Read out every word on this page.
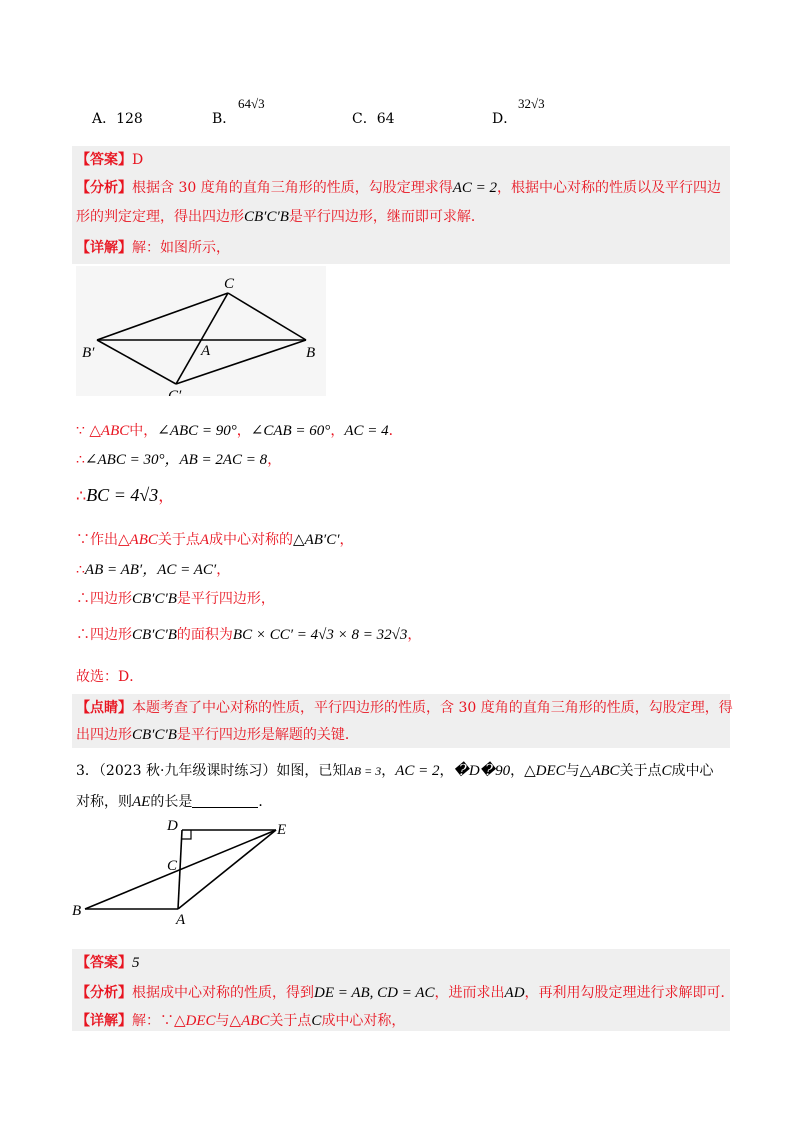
A．128	B．
64√3
C．64	D．
32√3
【答案】D
【分析】根据含 30 度角的直角三角形的性质，勾股定理求得AC = 2，根据中心对称的性质以及平行四边
形的判定定理，得出四边形CB′C′B是平行四边形，继而即可求解．
【详解】解：如图所示，
C
B′	A	B
C′
∵ △ABC中，∠ABC = 90°，∠CAB = 60°，AC = 4．
∴∠ABC = 30°，AB = 2AC = 8，
∴BC = 4√3，
∵作出△ABC关于点A成中心对称的△AB′C′，
∴AB = AB′，AC = AC′，
∴四边形CB′C′B是平行四边形，
∴四边形CB′C′B的面积为BC × CC′ = 4√3 × 8 = 32√3，
故选：D．
【点睛】本题考查了中心对称的性质，平行四边形的性质，含 30 度角的直角三角形的性质，勾股定理，得
出四边形CB′C′B是平行四边形是解题的关键．
3．（2023 秋·九年级课时练习）如图，已知AB = 3，AC = 2，�D�90，△DEC与△ABC关于点C成中心
对称，则AE的长是	．
D	E
C
B
A
【答案】5
【分析】根据成中心对称的性质，得到DE = AB, CD = AC，进而求出AD，再利用勾股定理进行求解即可．
【详解】解：∵△DEC与△ABC关于点C成中心对称，
